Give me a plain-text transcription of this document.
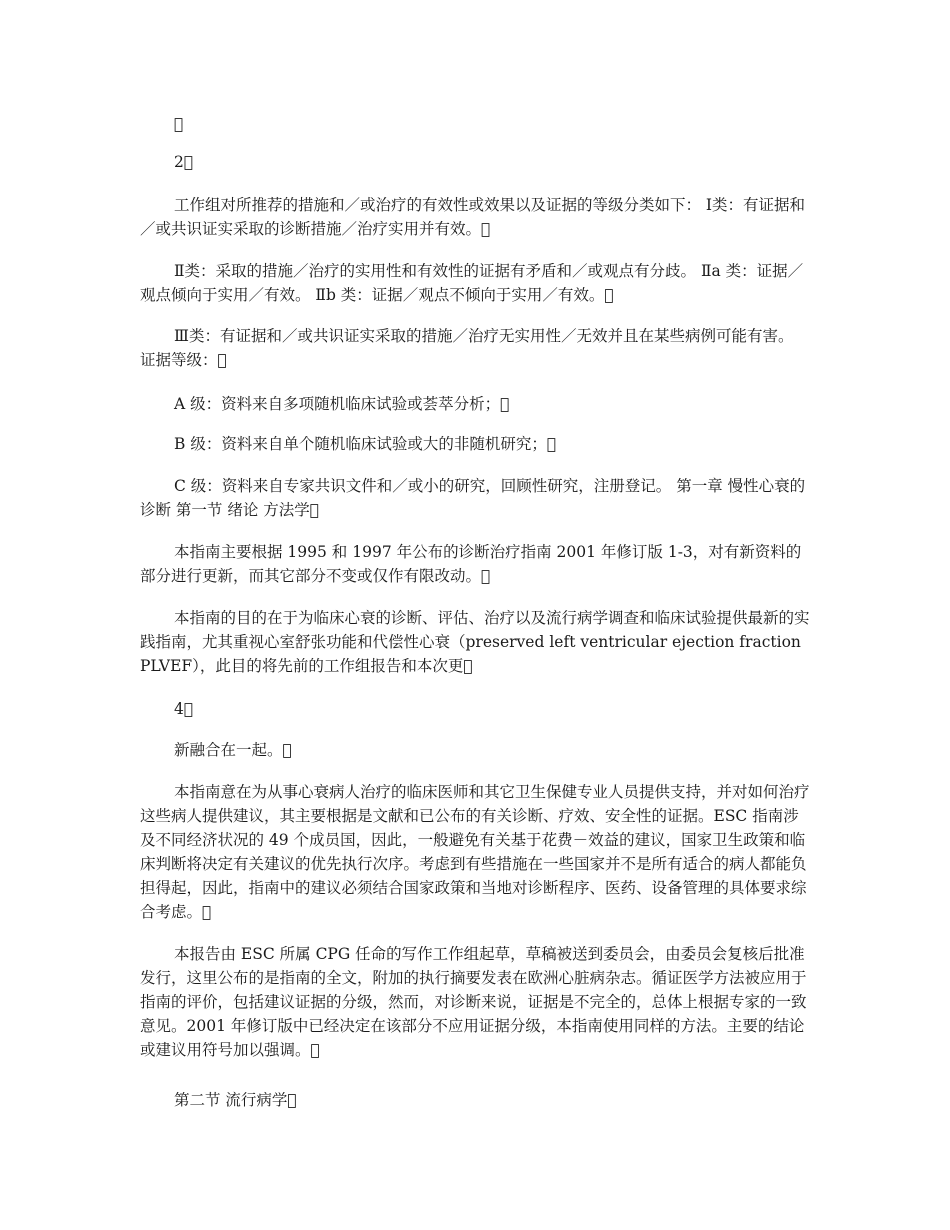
 

2 

工作组对所推荐的措施和／或治疗的有效性或效果以及证据的等级分类如下： Ⅰ类：有证据和／或共识证实采取的诊断措施／治疗实用并有效。 

Ⅱ类：采取的措施／治疗的实用性和有效性的证据有矛盾和／或观点有分歧。 Ⅱa 类：证据／观点倾向于实用／有效。 Ⅱb 类：证据／观点不倾向于实用／有效。 

Ⅲ类：有证据和／或共识证实采取的措施／治疗无实用性／无效并且在某些病例可能有害。 证据等级： 

A 级：资料来自多项随机临床试验或荟萃分析； 

B 级：资料来自单个随机临床试验或大的非随机研究； 

C 级：资料来自专家共识文件和／或小的研究，回顾性研究，注册登记。 第一章 慢性心衰的诊断 第一节 绪论 方法学 

本指南主要根据 1995 和 1997 年公布的诊断治疗指南 2001 年修订版 1-3，对有新资料的部分进行更新，而其它部分不变或仅作有限改动。 

本指南的目的在于为临床心衰的诊断、评估、治疗以及流行病学调查和临床试验提供最新的实践指南，尤其重视心室舒张功能和代偿性心衰（preserved left ventricular ejection fractionPLVEF），此目的将先前的工作组报告和本次更 

4 

新融合在一起。 

本指南意在为从事心衰病人治疗的临床医师和其它卫生保健专业人员提供支持，并对如何治疗这些病人提供建议，其主要根据是文献和已公布的有关诊断、疗效、安全性的证据。ESC 指南涉及不同经济状况的 49 个成员国，因此，一般避免有关基于花费－效益的建议，国家卫生政策和临床判断将决定有关建议的优先执行次序。考虑到有些措施在一些国家并不是所有适合的病人都能负担得起，因此，指南中的建议必须结合国家政策和当地对诊断程序、医药、设备管理的具体要求综合考虑。 

本报告由 ESC 所属 CPG 任命的写作工作组起草，草稿被送到委员会，由委员会复核后批准发行，这里公布的是指南的全文，附加的执行摘要发表在欧洲心脏病杂志。循证医学方法被应用于指南的评价，包括建议证据的分级，然而，对诊断来说，证据是不完全的，总体上根据专家的一致意见。2001 年修订版中已经决定在该部分不应用证据分级，本指南使用同样的方法。主要的结论或建议用符号加以强调。 

第二节 流行病学 
